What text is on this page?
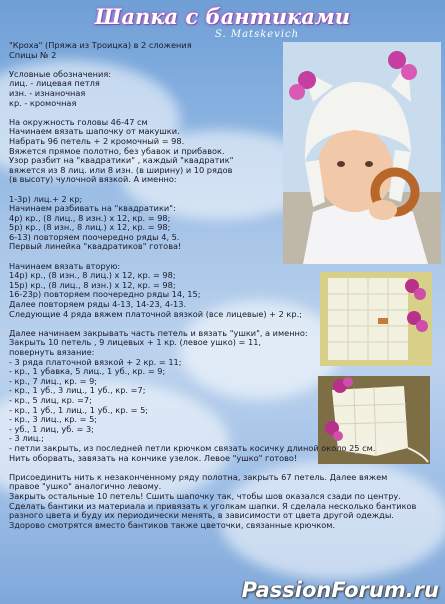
Шапка с бантиками
S. Matskevich
"Кроха" (Пряжа из Троицка) в 2 сложения
Спицы № 2
Условные обозначения:
лиц. - лицевая петля
изн. - изнаночная
кр. - кромочная
На окружность головы 46-47 см
Начинаем вязать шапочку от макушки.
Набрать 96 петель + 2 кромочный = 98.
Вяжется прямое полотно, без убавок и прибавок.
Узор разбит на "квадратики" , каждый "квадратик"
вяжется из 8 лиц. или 8 изн. (в ширину) и 10 рядов
(в высоту) чулочной вязкой. А именно:
1-3р) лиц.+ 2 кр;
Начинаем разбивать на "квадратики":
4р) кр., (8 лиц., 8 изн.) х 12, кр. = 98;
5р) кр., (8 изн., 8 лиц.) х 12, кр. = 98;
6-13) повторяем поочередно ряды 4, 5.
Первый линейка "квадратиков" готова!
Начинаем вязать вторую:
14р) кр., (8 изн., 8 лиц.) х 12, кр. = 98;
15р) кр., (8 лиц., 8 изн.) х 12, кр. = 98;
16-23р) повторяем поочередно ряды 14, 15;
Далее повторяем ряды 4-13, 14-23, 4-13.
Следующие 4 ряда вяжем платочной вязкой (все лицевые) + 2 кр.;
Далее начинаем закрывать часть петель и вязать "ушки", а именно:
Закрыть 10 петель , 9 лицевых + 1 кр. (левое ушко) = 11,
повернуть вязание:
- 3 ряда платочной вязкой + 2 кр. = 11;
- кр., 1 убавка, 5 лиц., 1 уб., кр. = 9;
- кр., 7 лиц., кр. = 9;
- кр., 1 уб., 3 лиц., 1 уб., кр. =7;
- кр., 5 лиц, кр. =7;
- кр., 1 уб., 1 лиц., 1 уб., кр. = 5;
- кр., 3 лиц., кр. = 5;
- уб., 1 лиц, уб. = 3;
- 3 лиц.;
- петли закрыть, из последней петли крючком связать косичку длиной около 25 см.
Нить оборвать, завязать на кончике узелок. Левое "ушко" готово!
Присоединить нить к незаконченному ряду полотна, закрыть 67 петель. Далее вяжем
правое "ушко" аналогично левому.
Закрыть остальные 10 петель! Сшить шапочку так, чтобы шов оказался сзади по центру.
Сделать бантики из материала и привязать к уголкам шапки. Я сделала несколько бантиков
разного цвета и буду их периодически менять, в зависимости от цвета другой одежды.
Здорово смотрятся вместо бантиков также цветочки, связанные крючком.
PassionForum.ru
